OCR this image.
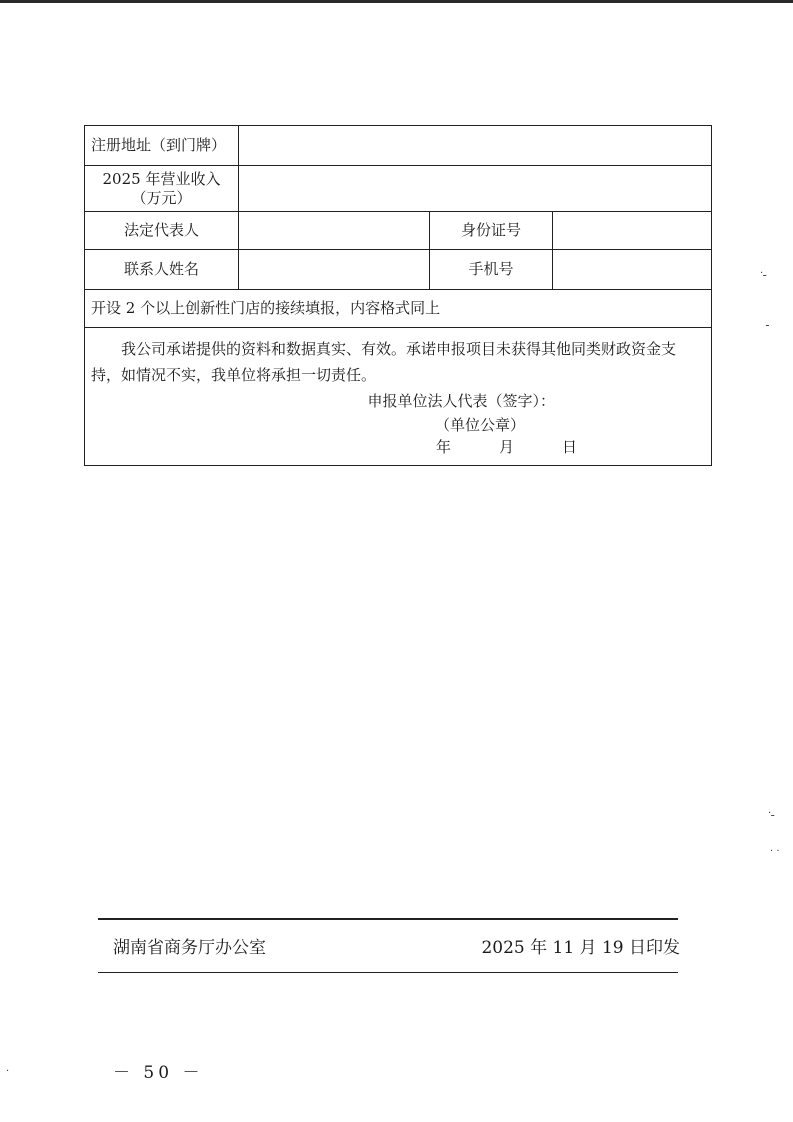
·ـ
ـ
·ـ
· ·
·
注册地址（到门牌）			

2025 年营业收入
（万元）			

法定代表人		身份证号	
联系人姓名		手机号	
开设 2 个以上创新性门店的接续填报，内容格式同上			

我公司承诺提供的资料和数据真实、有效。承诺申报项目未获得其他同类财政资金支持，如情况不实，我单位将承担一切责任。

申报单位法人代表（签字）：

（单位公章）

年 月 日			

湖南省商务厅办公室	2025 年 11 月 19 日印发
－ 50 －
